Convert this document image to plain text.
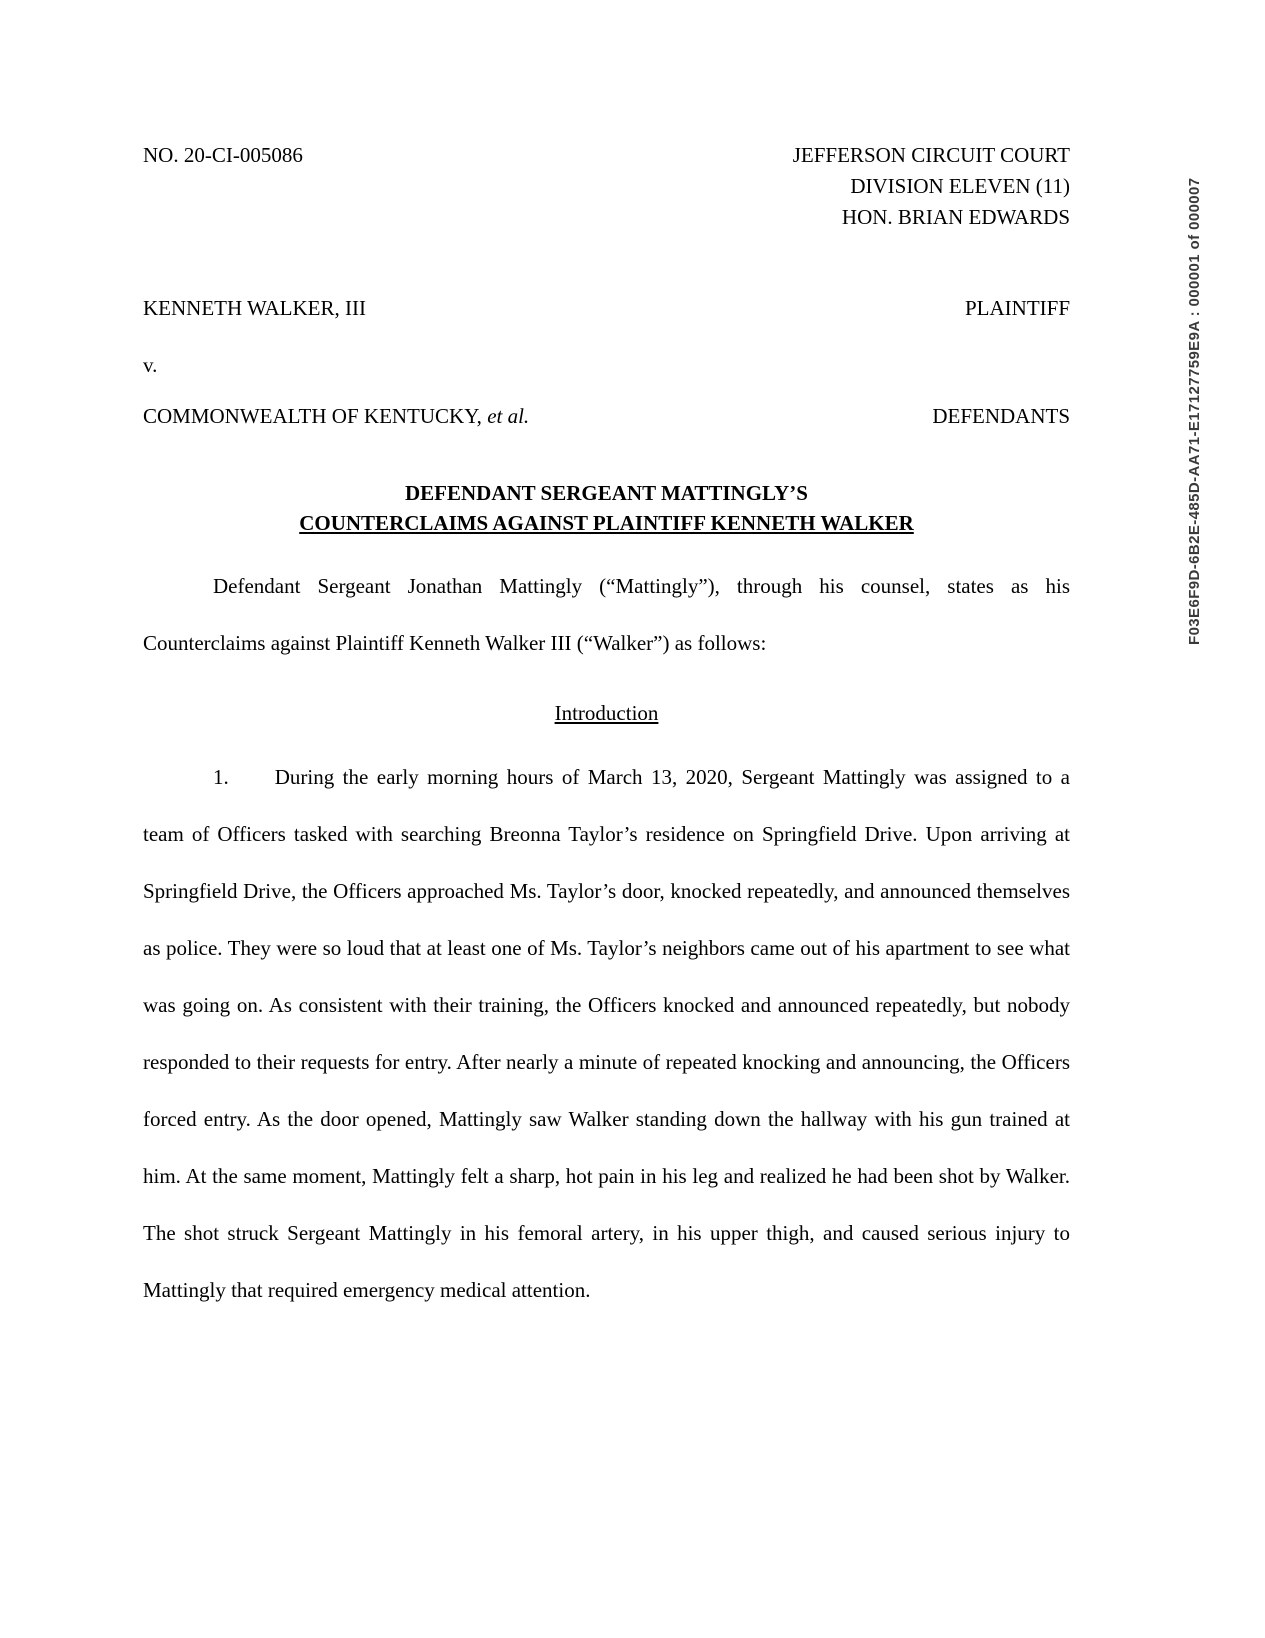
NO. 20-CI-005086	JEFFERSON CIRCUIT COURT
DIVISION ELEVEN (11)
HON. BRIAN EDWARDS
KENNETH WALKER, III	PLAINTIFF
v.
COMMONWEALTH OF KENTUCKY, et al.	DEFENDANTS
DEFENDANT SERGEANT MATTINGLY’S
COUNTERCLAIMS AGAINST PLAINTIFF KENNETH WALKER

Defendant Sergeant Jonathan Mattingly (“Mattingly”), through his counsel, states as his Counterclaims against Plaintiff Kenneth Walker III (“Walker”) as follows:

Introduction

1. During the early morning hours of March 13, 2020, Sergeant Mattingly was assigned to a team of Officers tasked with searching Breonna Taylor’s residence on Springfield Drive. Upon arriving at Springfield Drive, the Officers approached Ms. Taylor’s door, knocked repeatedly, and announced themselves as police. They were so loud that at least one of Ms. Taylor’s neighbors came out of his apartment to see what was going on. As consistent with their training, the Officers knocked and announced repeatedly, but nobody responded to their requests for entry. After nearly a minute of repeated knocking and announcing, the Officers forced entry. As the door opened, Mattingly saw Walker standing down the hallway with his gun trained at him. At the same moment, Mattingly felt a sharp, hot pain in his leg and realized he had been shot by Walker. The shot struck Sergeant Mattingly in his femoral artery, in his upper thigh, and caused serious injury to Mattingly that required emergency medical attention.

F03E6F9D-6B2E-485D-AA71-E17127759E9A : 000001 of 000007
